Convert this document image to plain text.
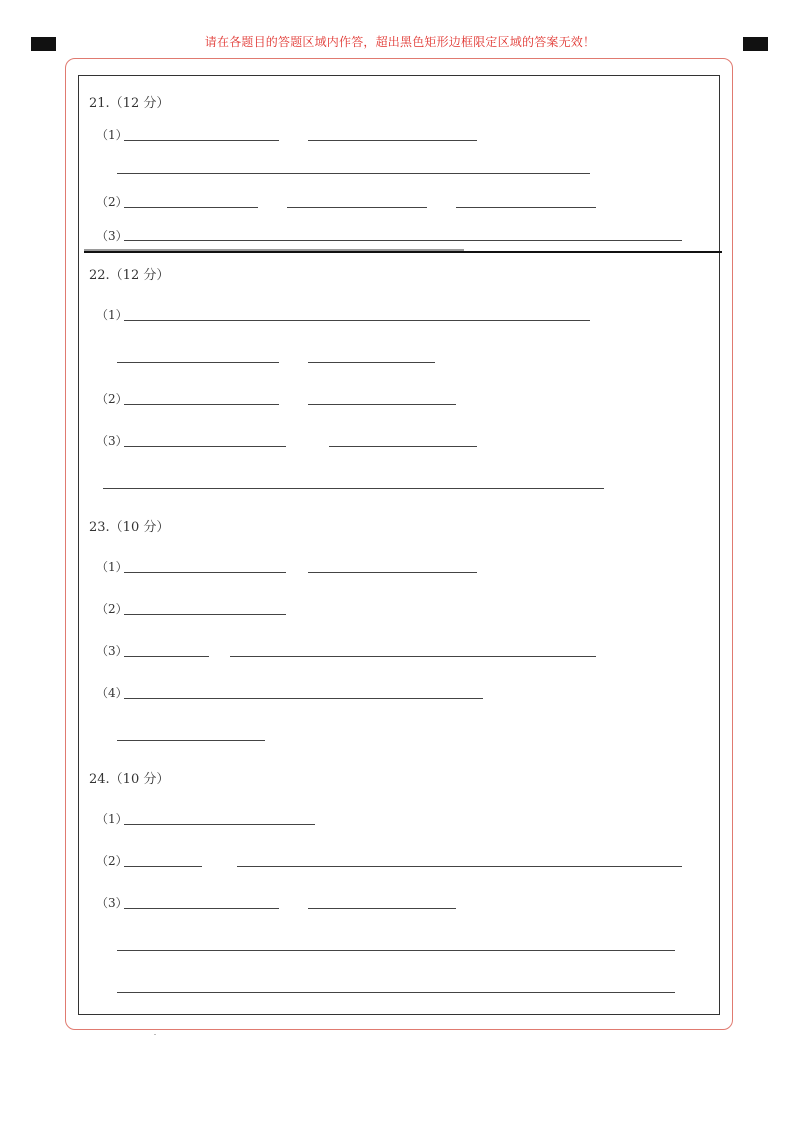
请在各题目的答题区域内作答，超出黑色矩形边框限定区域的答案无效！
21.（12 分）
（1）
（2）
（3）
22.（12 分）
（1）
（2）
（3）
23.（10 分）
（1）
（2）
（3）
（4）
24.（10 分）
（1）
（2）
（3）
